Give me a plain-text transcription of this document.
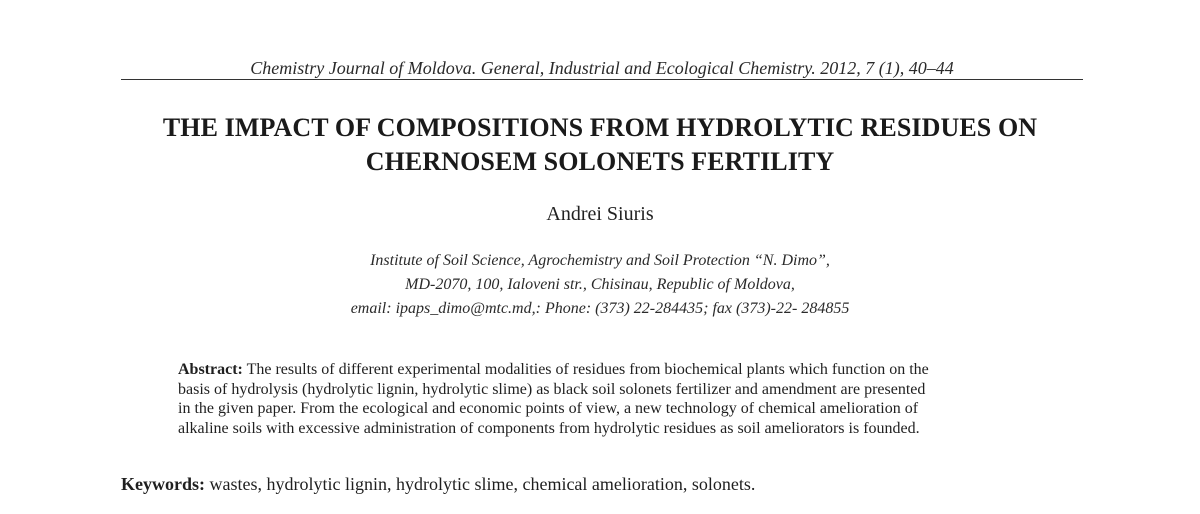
Chemistry Journal of Moldova. General, Industrial and Ecological Chemistry. 2012, 7 (1), 40–44
THE IMPACT OF COMPOSITIONS FROM HYDROLYTIC RESIDUES ON
CHERNOSEM SOLONETS FERTILITY
Andrei Siuris
Institute of Soil Science, Agrochemistry and Soil Protection “N. Dimo”,
MD-2070, 100, Ialoveni str., Chisinau, Republic of Moldova,
email: ipaps_dimo@mtc.md,: Phone: (373) 22-284435; fax (373)-22- 284855
Abstract: The results of different experimental modalities of residues from biochemical plants which function on the
basis of hydrolysis (hydrolytic lignin, hydrolytic slime) as black soil solonets fertilizer and amendment are presented
in the given paper. From the ecological and economic points of view, a new technology of chemical amelioration of
alkaline soils with excessive administration of components from hydrolytic residues as soil ameliorators is founded.
Keywords: wastes, hydrolytic lignin, hydrolytic slime, chemical amelioration, solonets.
